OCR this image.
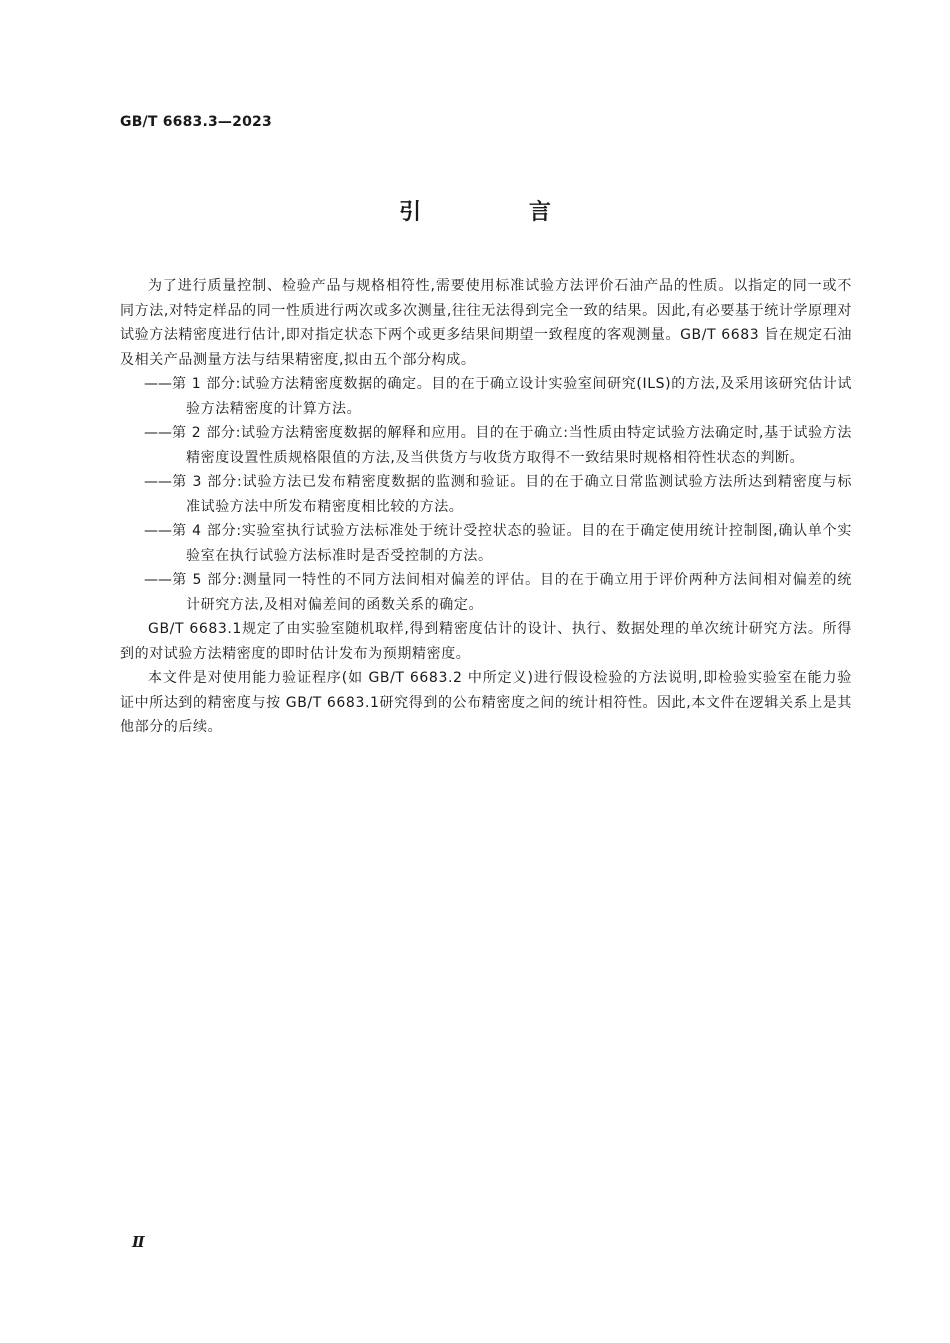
GB/T 6683.3—2023
引 言

为了进行质量控制、检验产品与规格相符性,需要使用标准试验方法评价石油产品的性质。以指定的同一或不同方法,对特定样品的同一性质进行两次或多次测量,往往无法得到完全一致的结果。因此,有必要基于统计学原理对试验方法精密度进行估计,即对指定状态下两个或更多结果间期望一致程度的客观测量。GB/T 6683 旨在规定石油及相关产品测量方法与结果精密度,拟由五个部分构成。

——第 1 部分:试验方法精密度数据的确定。目的在于确立设计实验室间研究(ILS)的方法,及采用该研究估计试验方法精密度的计算方法。

——第 2 部分:试验方法精密度数据的解释和应用。目的在于确立:当性质由特定试验方法确定时,基于试验方法精密度设置性质规格限值的方法,及当供货方与收货方取得不一致结果时规格相符性状态的判断。

——第 3 部分:试验方法已发布精密度数据的监测和验证。目的在于确立日常监测试验方法所达到精密度与标准试验方法中所发布精密度相比较的方法。

——第 4 部分:实验室执行试验方法标准处于统计受控状态的验证。目的在于确定使用统计控制图,确认单个实验室在执行试验方法标准时是否受控制的方法。

——第 5 部分:测量同一特性的不同方法间相对偏差的评估。目的在于确立用于评价两种方法间相对偏差的统计研究方法,及相对偏差间的函数关系的确定。

GB/T 6683.1规定了由实验室随机取样,得到精密度估计的设计、执行、数据处理的单次统计研究方法。所得到的对试验方法精密度的即时估计发布为预期精密度。

本文件是对使用能力验证程序(如 GB/T 6683.2 中所定义)进行假设检验的方法说明,即检验实验室在能力验证中所达到的精密度与按 GB/T 6683.1研究得到的公布精密度之间的统计相符性。因此,本文件在逻辑关系上是其他部分的后续。

Ⅱ
